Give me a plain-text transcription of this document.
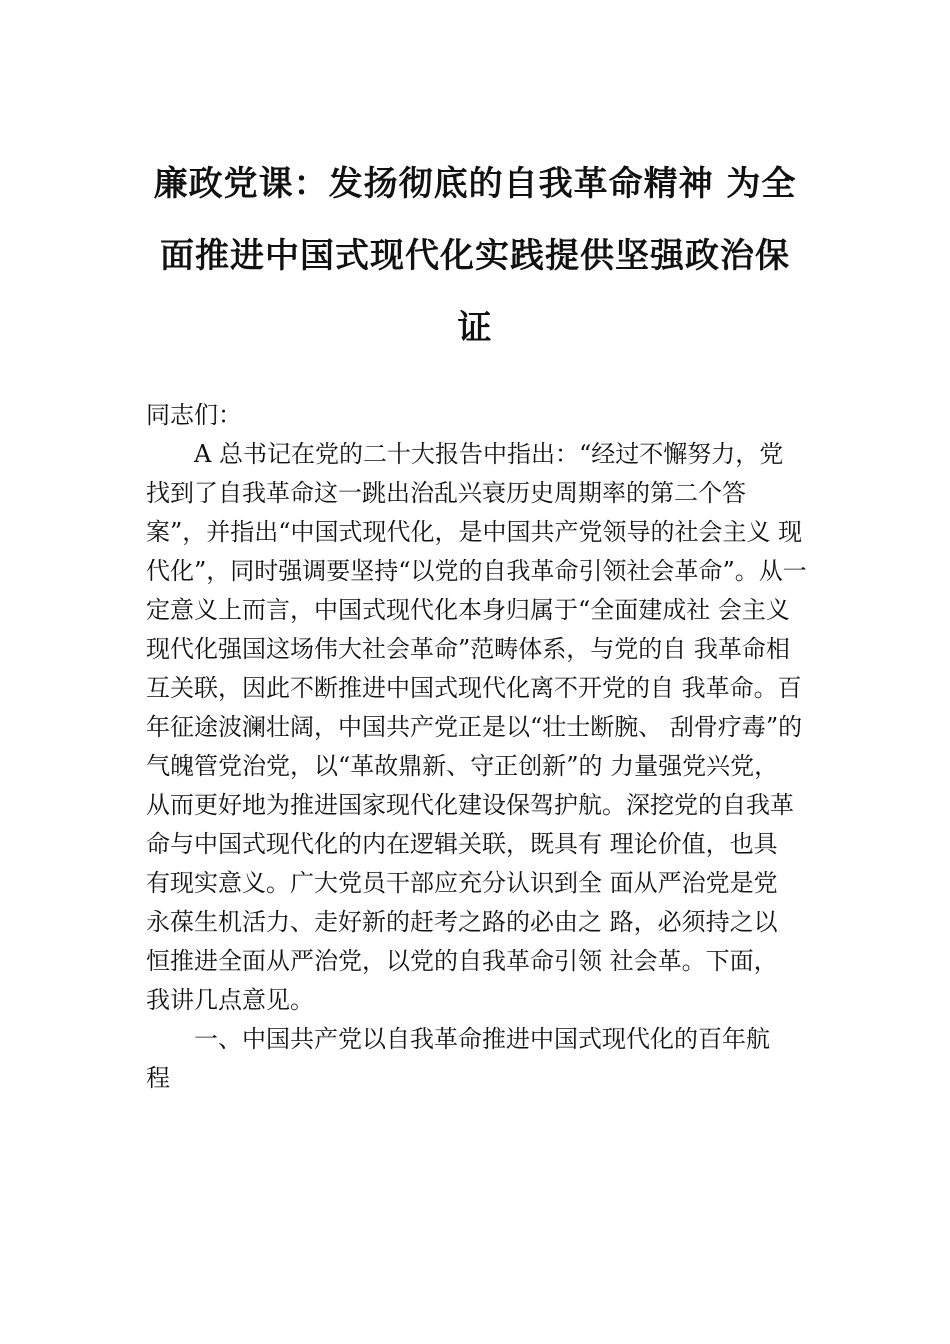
廉政党课：发扬彻底的自我革命精神 为全
面推进中国式现代化实践提供坚强政治保
证
同志们：
A 总书记在党的二十大报告中指出：“经过不懈努力，党
找到了自我革命这一跳出治乱兴衰历史周期率的第二个答
案”，并指出“中国式现代化，是中国共产党领导的社会主义 现
代化”，同时强调要坚持“以党的自我革命引领社会革命”。从一
定意义上而言，中国式现代化本身归属于“全面建成社 会主义
现代化强国这场伟大社会革命”范畴体系，与党的自 我革命相
互关联，因此不断推进中国式现代化离不开党的自 我革命。百
年征途波澜壮阔，中国共产党正是以“壮士断腕、 刮骨疗毒”的
气魄管党治党，以“革故鼎新、守正创新”的 力量强党兴党，
从而更好地为推进国家现代化建设保驾护航。深挖党的自我革
命与中国式现代化的内在逻辑关联，既具有 理论价值，也具
有现实意义。广大党员干部应充分认识到全 面从严治党是党
永葆生机活力、走好新的赶考之路的必由之 路，必须持之以
恒推进全面从严治党，以党的自我革命引领 社会革。下面，
我讲几点意见。
一、中国共产党以自我革命推进中国式现代化的百年航
程
